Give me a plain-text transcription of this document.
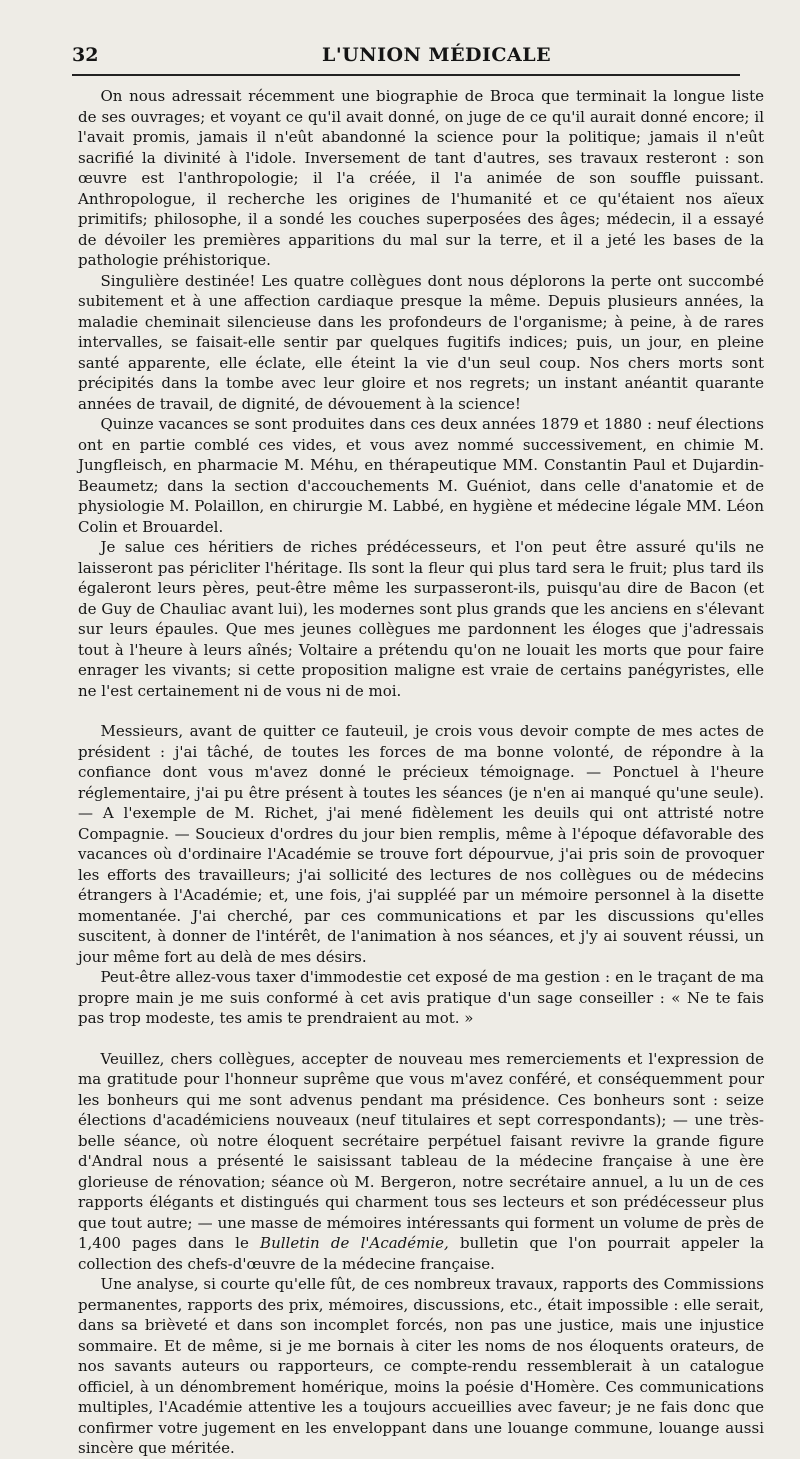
32	L'UNION MÉDICALE

On nous adressait récemment une biographie de Broca que terminait la longue liste de ses ouvrages; et voyant ce qu'il avait donné, on juge de ce qu'il aurait donné encore; il l'avait promis, jamais il n'eût abandonné la science pour la politique; jamais il n'eût sacrifié la divinité à l'idole. Inversement de tant d'autres, ses travaux resteront : son œuvre est l'anthropologie; il l'a créée, il l'a animée de son souffle puissant. Anthropologue, il recherche les origines de l'humanité et ce qu'étaient nos aïeux primitifs; philosophe, il a sondé les couches superposées des âges; médecin, il a essayé de dévoiler les premières apparitions du mal sur la terre, et il a jeté les bases de la pathologie préhistorique.

Singulière destinée! Les quatre collègues dont nous déplorons la perte ont succombé subitement et à une affection cardiaque presque la même. Depuis plusieurs années, la maladie cheminait silencieuse dans les profondeurs de l'organisme; à peine, à de rares intervalles, se faisait-elle sentir par quelques fugitifs indices; puis, un jour, en pleine santé apparente, elle éclate, elle éteint la vie d'un seul coup. Nos chers morts sont précipités dans la tombe avec leur gloire et nos regrets; un instant anéantit quarante années de travail, de dignité, de dévouement à la science!

Quinze vacances se sont produites dans ces deux années 1879 et 1880 : neuf élections ont en partie comblé ces vides, et vous avez nommé successivement, en chimie M. Jungfleisch, en pharmacie M. Méhu, en thérapeutique MM. Constantin Paul et Dujardin-Beaumetz; dans la section d'accouchements M. Guéniot, dans celle d'anatomie et de physiologie M. Polaillon, en chirurgie M. Labbé, en hygiène et médecine légale MM. Léon Colin et Brouardel.

Je salue ces héritiers de riches prédécesseurs, et l'on peut être assuré qu'ils ne laisseront pas péricliter l'héritage. Ils sont la fleur qui plus tard sera le fruit; plus tard ils égaleront leurs pères, peut-être même les surpasseront-ils, puisqu'au dire de Bacon (et de Guy de Chauliac avant lui), les modernes sont plus grands que les anciens en s'élevant sur leurs épaules. Que mes jeunes collègues me pardonnent les éloges que j'adressais tout à l'heure à leurs aînés; Voltaire a prétendu qu'on ne louait les morts que pour faire enrager les vivants; si cette proposition maligne est vraie de certains panégyristes, elle ne l'est certainement ni de vous ni de moi.

Messieurs, avant de quitter ce fauteuil, je crois vous devoir compte de mes actes de président : j'ai tâché, de toutes les forces de ma bonne volonté, de répondre à la confiance dont vous m'avez donné le précieux témoignage. — Ponctuel à l'heure réglementaire, j'ai pu être présent à toutes les séances (je n'en ai manqué qu'une seule). — A l'exemple de M. Richet, j'ai mené fidèlement les deuils qui ont attristé notre Compagnie. — Soucieux d'ordres du jour bien remplis, même à l'époque défavorable des vacances où d'ordinaire l'Académie se trouve fort dépourvue, j'ai pris soin de provoquer les efforts des travailleurs; j'ai sollicité des lectures de nos collègues ou de médecins étrangers à l'Académie; et, une fois, j'ai suppléé par un mémoire personnel à la disette momentanée. J'ai cherché, par ces communications et par les discussions qu'elles suscitent, à donner de l'intérêt, de l'animation à nos séances, et j'y ai souvent réussi, un jour même fort au delà de mes désirs.

Peut-être allez-vous taxer d'immodestie cet exposé de ma gestion : en le traçant de ma propre main je me suis conformé à cet avis pratique d'un sage conseiller : « Ne te fais pas trop modeste, tes amis te prendraient au mot. »

Veuillez, chers collègues, accepter de nouveau mes remerciements et l'expression de ma gratitude pour l'honneur suprême que vous m'avez conféré, et conséquemment pour les bonheurs qui me sont advenus pendant ma présidence. Ces bonheurs sont : seize élections d'académiciens nouveaux (neuf titulaires et sept correspondants); — une très-belle séance, où notre éloquent secrétaire perpétuel faisant revivre la grande figure d'Andral nous a présenté le saisissant tableau de la médecine française à une ère glorieuse de rénovation; séance où M. Bergeron, notre secrétaire annuel, a lu un de ces rapports élégants et distingués qui charment tous ses lecteurs et son prédécesseur plus que tout autre; — une masse de mémoires intéressants qui forment un volume de près de 1,400 pages dans le Bulletin de l'Académie, bulletin que l'on pourrait appeler la collection des chefs-d'œuvre de la médecine française.

Une analyse, si courte qu'elle fût, de ces nombreux travaux, rapports des Commissions permanentes, rapports des prix, mémoires, discussions, etc., était impossible : elle serait, dans sa brièveté et dans son incomplet forcés, non pas une justice, mais une injustice sommaire. Et de même, si je me bornais à citer les noms de nos éloquents orateurs, de nos savants auteurs ou rapporteurs, ce compte-rendu ressemblerait à un catalogue officiel, à un dénombrement homérique, moins la poésie d'Homère. Ces communications multiples, l'Académie attentive les a toujours accueillies avec faveur; je ne fais donc que confirmer votre jugement en les enveloppant dans une louange commune, louange aussi sincère que méritée.
